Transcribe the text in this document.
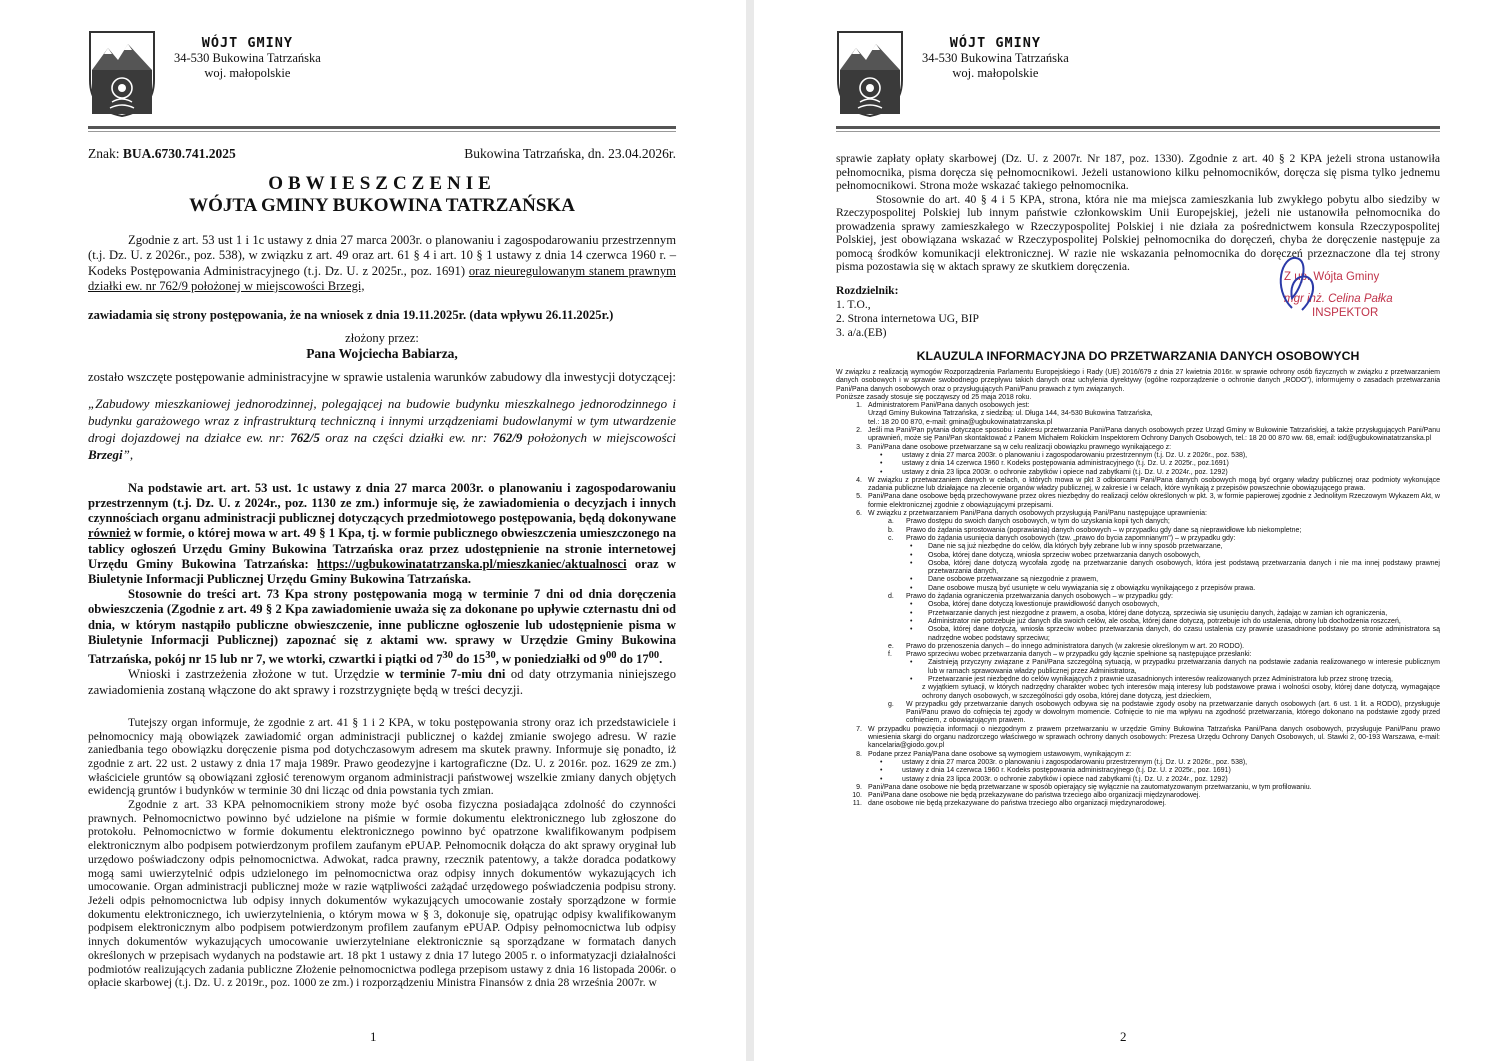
WÓJT GMINY
34-530 Bukowina Tatrzańska
woj. małopolskie
Znak: BUA.6730.741.2025	Bukowina Tatrzańska, dn. 23.04.2026r.
OBWIESZCZENIE
WÓJTA GMINY BUKOWINA TATRZAŃSKA

Zgodnie z art. 53 ust 1 i 1c ustawy z dnia 27 marca 2003r. o planowaniu i zagospodarowaniu przestrzennym (t.j. Dz. U. z 2026r., poz. 538), w związku z art. 49 oraz art. 61 § 4 i art. 10 § 1 ustawy z dnia 14 czerwca 1960 r. – Kodeks Postępowania Administracyjnego (t.j. Dz. U. z 2025r., poz. 1691) oraz nieuregulowanym stanem prawnym działki ew. nr 762/9 położonej w miejscowości Brzegi,

zawiadamia się strony postępowania, że na wniosek z dnia 19.11.2025r. (data wpływu 26.11.2025r.)

złożony przez:

Pana Wojciecha Babiarza,

zostało wszczęte postępowanie administracyjne w sprawie ustalenia warunków zabudowy dla inwestycji dotyczącej:

„Zabudowy mieszkaniowej jednorodzinnej, polegającej na budowie budynku mieszkalnego jednorodzinnego i budynku garażowego wraz z infrastrukturą techniczną i innymi urządzeniami budowlanymi w tym utwardzenie drogi dojazdowej na działce ew. nr: 762/5 oraz na części działki ew. nr: 762/9 położonych w miejscowości Brzegi”,

Na podstawie art. art. 53 ust. 1c ustawy z dnia 27 marca 2003r. o planowaniu i zagospodarowaniu przestrzennym (t.j. Dz. U. z 2024r., poz. 1130 ze zm.) informuje się, że zawiadomienia o decyzjach i innych czynnościach organu administracji publicznej dotyczących przedmiotowego postępowania, będą dokonywane również w formie, o której mowa w art. 49 § 1 Kpa, tj. w formie publicznego obwieszczenia umieszczonego na tablicy ogłoszeń Urzędu Gminy Bukowina Tatrzańska oraz przez udostępnienie na stronie internetowej Urzędu Gminy Bukowina Tatrzańska: https://ugbukowinatatrzanska.pl/mieszkaniec/aktualnosci oraz w Biuletynie Informacji Publicznej Urzędu Gminy Bukowina Tatrzańska.

Stosownie do treści art. 73 Kpa strony postępowania mogą w terminie 7 dni od dnia doręczenia obwieszczenia (Zgodnie z art. 49 § 2 Kpa zawiadomienie uważa się za dokonane po upływie czternastu dni od dnia, w którym nastąpiło publiczne obwieszczenie, inne publiczne ogłoszenie lub udostępnienie pisma w Biuletynie Informacji Publicznej) zapoznać się z aktami ww. sprawy w Urzędzie Gminy Bukowina Tatrzańska, pokój nr 15 lub nr 7, we wtorki, czwartki i piątki od $7^{30}$ do $15^{30}$, w poniedziałki od $9^{00}$ do $17^{00}$.

Wnioski i zastrzeżenia złożone w tut. Urzędzie w terminie 7-miu dni od daty otrzymania niniejszego zawiadomienia zostaną włączone do akt sprawy i rozstrzygnięte będą w treści decyzji.

Tutejszy organ informuje, że zgodnie z art. 41 § 1 i 2 KPA, w toku postępowania strony oraz ich przedstawiciele i pełnomocnicy mają obowiązek zawiadomić organ administracji publicznej o każdej zmianie swojego adresu. W razie zaniedbania tego obowiązku doręczenie pisma pod dotychczasowym adresem ma skutek prawny. Informuje się ponadto, iż zgodnie z art. 22 ust. 2 ustawy z dnia 17 maja 1989r. Prawo geodezyjne i kartograficzne (Dz. U. z 2016r. poz. 1629 ze zm.) właściciele gruntów są obowiązani zgłosić terenowym organom administracji państwowej wszelkie zmiany danych objętych ewidencją gruntów i budynków w terminie 30 dni licząc od dnia powstania tych zmian.

Zgodnie z art. 33 KPA pełnomocnikiem strony może być osoba fizyczna posiadająca zdolność do czynności prawnych. Pełnomocnictwo powinno być udzielone na piśmie w formie dokumentu elektronicznego lub zgłoszone do protokołu. Pełnomocnictwo w formie dokumentu elektronicznego powinno być opatrzone kwalifikowanym podpisem elektronicznym albo podpisem potwierdzonym profilem zaufanym ePUAP. Pełnomocnik dołącza do akt sprawy oryginał lub urzędowo poświadczony odpis pełnomocnictwa. Adwokat, radca prawny, rzecznik patentowy, a także doradca podatkowy mogą sami uwierzytelnić odpis udzielonego im pełnomocnictwa oraz odpisy innych dokumentów wykazujących ich umocowanie. Organ administracji publicznej może w razie wątpliwości zażądać urzędowego poświadczenia podpisu strony. Jeżeli odpis pełnomocnictwa lub odpisy innych dokumentów wykazujących umocowanie zostały sporządzone w formie dokumentu elektronicznego, ich uwierzytelnienia, o którym mowa w § 3, dokonuje się, opatrując odpisy kwalifikowanym podpisem elektronicznym albo podpisem potwierdzonym profilem zaufanym ePUAP. Odpisy pełnomocnictwa lub odpisy innych dokumentów wykazujących umocowanie uwierzytelniane elektronicznie są sporządzane w formatach danych określonych w przepisach wydanych na podstawie art. 18 pkt 1 ustawy z dnia 17 lutego 2005 r. o informatyzacji działalności podmiotów realizujących zadania publiczne Złożenie pełnomocnictwa podlega przepisom ustawy z dnia 16 listopada 2006r. o opłacie skarbowej (t.j. Dz. U. z 2019r., poz. 1000 ze zm.) i rozporządzeniu Ministra Finansów z dnia 28 września 2007r. w

1
WÓJT GMINY
34-530 Bukowina Tatrzańska
woj. małopolskie

sprawie zapłaty opłaty skarbowej (Dz. U. z 2007r. Nr 187, poz. 1330). Zgodnie z art. 40 § 2 KPA jeżeli strona ustanowiła pełnomocnika, pisma doręcza się pełnomocnikowi. Jeżeli ustanowiono kilku pełnomocników, doręcza się pisma tylko jednemu pełnomocnikowi. Strona może wskazać takiego pełnomocnika.

Stosownie do art. 40 § 4 i 5 KPA, strona, która nie ma miejsca zamieszkania lub zwykłego pobytu albo siedziby w Rzeczypospolitej Polskiej lub innym państwie członkowskim Unii Europejskiej, jeżeli nie ustanowiła pełnomocnika do prowadzenia sprawy zamieszkałego w Rzeczypospolitej Polskiej i nie działa za pośrednictwem konsula Rzeczypospolitej Polskiej, jest obowiązana wskazać w Rzeczypospolitej Polskiej pełnomocnika do doręczeń, chyba że doręczenie następuje za pomocą środków komunikacji elektronicznej. W razie nie wskazania pełnomocnika do doręczeń przeznaczone dla tej strony pisma pozostawia się w aktach sprawy ze skutkiem doręczenia.

Rozdzielnik:
1. T.O.,
2. Strona internetowa UG, BIP
3. a/a.(EB)
KLAUZULA INFORMACYJNA DO PRZETWARZANIA DANYCH OSOBOWYCH

W związku z realizacją wymogów Rozporządzenia Parlamentu Europejskiego i Rady (UE) 2016/679 z dnia 27 kwietnia 2016r. w sprawie ochrony osób fizycznych w związku z przetwarzaniem danych osobowych i w sprawie swobodnego przepływu takich danych oraz uchylenia dyrektywy (ogólne rozporządzenie o ochronie danych „RODO"), informujemy o zasadach przetwarzania Pani/Pana danych osobowych oraz o przysługujących Pani/Panu prawach z tym związanych.

Poniższe zasady stosuje się począwszy od 25 maja 2018 roku.

1. Administratorem Pani/Pana danych osobowych jest:
Urząd Gminy Bukowina Tatrzańska, z siedzibą: ul. Długa 144, 34-530 Bukowina Tatrzańska,
tel.: 18 20 00 870, e-mail: gmina@ugbukowinatatrzanska.pl
2. Jeśli ma Pani/Pan pytania dotyczące sposobu i zakresu przetwarzania Pani/Pana danych osobowych przez Urząd Gminy w Bukowinie Tatrzańskiej, a także przysługujących Pani/Panu uprawnień, może się Pani/Pan skontaktować z Panem Michałem Rokickim Inspektorem Ochrony Danych Osobowych, tel.: 18 20 00 870 ww. 68, email: iod@ugbukowinatatrzanska.pl
3. Pani/Pana dane osobowe przetwarzane są w celu realizacji obowiązku prawnego wynikającego z:
•	ustawy z dnia 27 marca 2003r. o planowaniu i zagospodarowaniu przestrzennym (t.j. Dz. U. z 2026r., poz. 538),
•	ustawy z dnia 14 czerwca 1960 r. Kodeks postępowania administracyjnego (t.j. Dz. U. z 2025r., poz.1691)
•	ustawy z dnia 23 lipca 2003r. o ochronie zabytków i opiece nad zabytkami (t.j. Dz. U. z 2024r., poz. 1292)
4. W związku z przetwarzaniem danych w celach, o których mowa w pkt 3 odbiorcami Pani/Pana danych osobowych mogą być organy władzy publicznej oraz podmioty wykonujące zadania publiczne lub działające na zlecenie organów władzy publicznej, w zakresie i w celach, które wynikają z przepisów powszechnie obowiązującego prawa.
5. Pani/Pana dane osobowe będą przechowywane przez okres niezbędny do realizacji celów określonych w pkt. 3, w formie papierowej zgodnie z Jednolitym Rzeczowym Wykazem Akt, w formie elektronicznej zgodnie z obowiązującymi przepisami.
6. W związku z przetwarzaniem Pani/Pana danych osobowych przysługują Pani/Panu następujące uprawnienia:
a.	Prawo dostępu do swoich danych osobowych, w tym do uzyskania kopii tych danych;
b.	Prawo do żądania sprostowania (poprawiania) danych osobowych – w przypadku gdy dane są nieprawidłowe lub niekompletne;
c.	Prawo do żądania usunięcia danych osobowych (tzw. „prawo do bycia zapomnianym") – w przypadku gdy:
•	Dane nie są już niezbędne do celów, dla których były zebrane lub w inny sposób przetwarzane,
•	Osoba, której dane dotyczą, wniosła sprzeciw wobec przetwarzania danych osobowych,
•	Osoba, której dane dotyczą wycofała zgodę na przetwarzanie danych osobowych, która jest podstawą przetwarzania danych i nie ma innej podstawy prawnej przetwarzania danych,
•	Dane osobowe przetwarzane są niezgodnie z prawem,
•	Dane osobowe muszą być usunięte w celu wywiązania się z obowiązku wynikającego z przepisów prawa.
d.	Prawo do żądania ograniczenia przetwarzania danych osobowych – w przypadku gdy:
•	Osoba, której dane dotyczą kwestionuje prawidłowość danych osobowych,
•	Przetwarzanie danych jest niezgodne z prawem, a osoba, której dane dotyczą, sprzeciwia się usunięciu danych, żądając w zamian ich ograniczenia,
•	Administrator nie potrzebuje już danych dla swoich celów, ale osoba, której dane dotyczą, potrzebuje ich do ustalenia, obrony lub dochodzenia roszczeń,
•	Osoba, której dane dotyczą, wniosła sprzeciw wobec przetwarzania danych, do czasu ustalenia czy prawnie uzasadnione podstawy po stronie administratora są nadrzędne wobec podstawy sprzeciwu;
e.	Prawo do przenoszenia danych – do innego administratora danych (w zakresie określonym w art. 20 RODO).
f.	Prawo sprzeciwu wobec przetwarzania danych – w przypadku gdy łącznie spełnione są następujące przesłanki:
•	Zaistnieją przyczyny związane z Pani/Pana szczególną sytuacją, w przypadku przetwarzania danych na podstawie zadania realizowanego w interesie publicznym lub w ramach sprawowania władzy publicznej przez Administratora,
•	Przetwarzanie jest niezbędne do celów wynikających z prawnie uzasadnionych interesów realizowanych przez Administratora lub przez stronę trzecią,
z wyjątkiem sytuacji, w których nadrzędny charakter wobec tych interesów mają interesy lub podstawowe prawa i wolności osoby, której dane dotyczą, wymagające ochrony danych osobowych, w szczególności gdy osoba, której dane dotyczą, jest dzieckiem,
g.	W przypadku gdy przetwarzanie danych osobowych odbywa się na podstawie zgody osoby na przetwarzanie danych osobowych (art. 6 ust. 1 lit. a RODO), przysługuje Pani/Panu prawo do cofnięcia tej zgody w dowolnym momencie. Cofnięcie to nie ma wpływu na zgodność przetwarzania, którego dokonano na podstawie zgody przed cofnięciem, z obowiązującym prawem.
7. W przypadku powzięcia informacji o niezgodnym z prawem przetwarzaniu w urzędzie Gminy Bukowina Tatrzańska Pani/Pana danych osobowych, przysługuje Pani/Panu prawo wniesienia skargi do organu nadzorczego właściwego w sprawach ochrony danych osobowych: Prezesa Urzędu Ochrony Danych Osobowych, ul. Stawki 2, 00-193 Warszawa, e-mail: kancelaria@giodo.gov.pl
8. Podane przez Panią/Pana dane osobowe są wymogiem ustawowym, wynikającym z:
•	ustawy z dnia 27 marca 2003r. o planowaniu i zagospodarowaniu przestrzennym (t.j. Dz. U. z 2026r., poz. 538),
•	ustawy z dnia 14 czerwca 1960 r. Kodeks postępowania administracyjnego (t.j. Dz. U. z 2025r., poz. 1691)
•	ustawy z dnia 23 lipca 2003r. o ochronie zabytków i opiece nad zabytkami (t.j. Dz. U. z 2024r., poz. 1292)
9. Pani/Pana dane osobowe nie będą przetwarzane w sposób opierający się wyłącznie na zautomatyzowanym przetwarzaniu, w tym profilowaniu.
10. Pani/Pana dane osobowe nie będą przekazywane do państwa trzeciego albo organizacji międzynarodowej.
11. dane osobowe nie będą przekazywane do państwa trzeciego albo organizacji międzynarodowej.
Z up. Wójta Gminy
mgr inż. Celina Pałka
INSPEKTOR
2
